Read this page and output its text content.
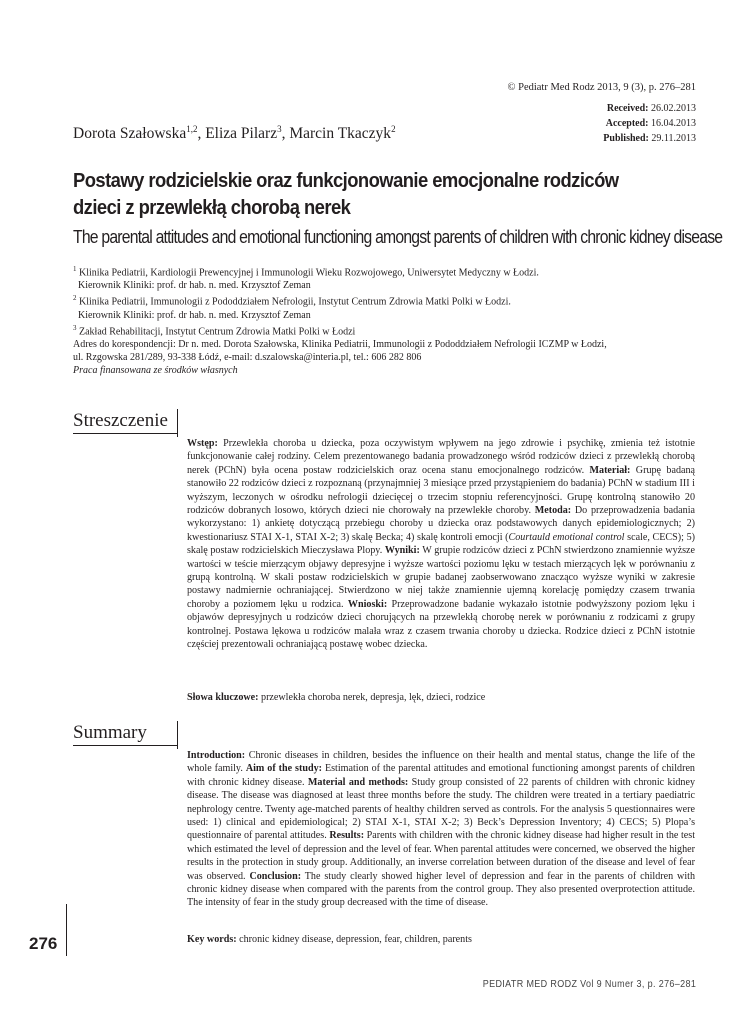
© Pediatr Med Rodz 2013, 9 (3), p. 276–281
Received: 26.02.2013
Accepted: 16.04.2013
Published: 29.11.2013
Dorota Szałowska$^{1,2}$, Eliza Pilarz$^3$, Marcin Tkaczyk$^2$
Postawy rodzicielskie oraz funkcjonowanie emocjonalne rodziców dzieci z przewlekłą chorobą nerek
The parental attitudes and emotional functioning amongst parents of children with chronic kidney disease
$^1$ Klinika Pediatrii, Kardiologii Prewencyjnej i Immunologii Wieku Rozwojowego, Uniwersytet Medyczny w Łodzi.
Kierownik Kliniki: prof. dr hab. n. med. Krzysztof Zeman
$^2$ Klinika Pediatrii, Immunologii z Pododdziałem Nefrologii, Instytut Centrum Zdrowia Matki Polki w Łodzi.
Kierownik Kliniki: prof. dr hab. n. med. Krzysztof Zeman
$^3$ Zakład Rehabilitacji, Instytut Centrum Zdrowia Matki Polki w Łodzi
Adres do korespondencji: Dr n. med. Dorota Szałowska, Klinika Pediatrii, Immunologii z Pododdziałem Nefrologii ICZMP w Łodzi,
ul. Rzgowska 281/289, 93-338 Łódź, e-mail: d.szalowska@interia.pl, tel.: 606 282 806
Praca finansowana ze środków własnych
Streszczenie
Wstęp: Przewlekła choroba u dziecka, poza oczywistym wpływem na jego zdrowie i psychikę, zmienia też istotnie funkcjonowanie całej rodziny. Celem prezentowanego badania prowadzonego wśród rodziców dzieci z przewlekłą chorobą nerek (PChN) była ocena postaw rodzicielskich oraz ocena stanu emocjonalnego rodziców. Materiał: Grupę badaną stanowiło 22 rodziców dzieci z rozpoznaną (przynajmniej 3 miesiące przed przystąpieniem do badania) PChN w stadium III i wyższym, leczonych w ośrodku nefrologii dziecięcej o trzecim stopniu referencyjności. Grupę kontrolną stanowiło 20 rodziców dobranych losowo, których dzieci nie chorowały na przewlekłe choroby. Metoda: Do przeprowadzenia badania wykorzystano: 1) ankietę dotyczącą przebiegu choroby u dziecka oraz podstawowych danych epidemiologicznych; 2) kwestionariusz STAI X-1, STAI X-2; 3) skalę Becka; 4) skalę kontroli emocji (Courtauld emotional control scale, CECS); 5) skalę postaw rodzicielskich Mieczysława Plopy. Wyniki: W grupie rodziców dzieci z PChN stwierdzono znamiennie wyższe wartości w teście mierzącym objawy depresyjne i wyższe wartości poziomu lęku w testach mierzących lęk w porównaniu z grupą kontrolną. W skali postaw rodzicielskich w grupie badanej zaobserwowano znacząco wyższe wyniki w zakresie postawy nadmiernie ochraniającej. Stwierdzono w niej także znamiennie ujemną korelację pomiędzy czasem trwania choroby a poziomem lęku u rodzica. Wnioski: Przeprowadzone badanie wykazało istotnie podwyższony poziom lęku i objawów depresyjnych u rodziców dzieci chorujących na przewlekłą chorobę nerek w porównaniu z rodzicami z grupy kontrolnej. Postawa lękowa u rodziców malała wraz z czasem trwania choroby u dziecka. Rodzice dzieci z PChN istotnie częściej prezentowali ochraniającą postawę wobec dziecka.
Słowa kluczowe: przewlekła choroba nerek, depresja, lęk, dzieci, rodzice
Summary
Introduction: Chronic diseases in children, besides the influence on their health and mental status, change the life of the whole family. Aim of the study: Estimation of the parental attitudes and emotional functioning amongst parents of children with chronic kidney disease. Material and methods: Study group consisted of 22 parents of children with chronic kidney disease. The disease was diagnosed at least three months before the study. The children were treated in a tertiary paediatric nephrology centre. Twenty age-matched parents of healthy children served as controls. For the analysis 5 questionnaires were used: 1) clinical and epidemiological; 2) STAI X-1, STAI X-2; 3) Beck’s Depression Inventory; 4) CECS; 5) Plopa’s questionnaire of parental attitudes. Results: Parents with children with the chronic kidney disease had higher result in the test which estimated the level of depression and the level of fear. When parental attitudes were concerned, we observed the higher results in the protection in study group. Additionally, an inverse correlation between duration of the disease and level of fear was observed. Conclusion: The study clearly showed higher level of depression and fear in the parents of children with chronic kidney disease when compared with the parents from the control group. They also presented overprotection attitude. The intensity of fear in the study group decreased with the time of disease.
Key words: chronic kidney disease, depression, fear, children, parents
276
PEDIATR MED RODZ Vol 9 Numer 3, p. 276–281
